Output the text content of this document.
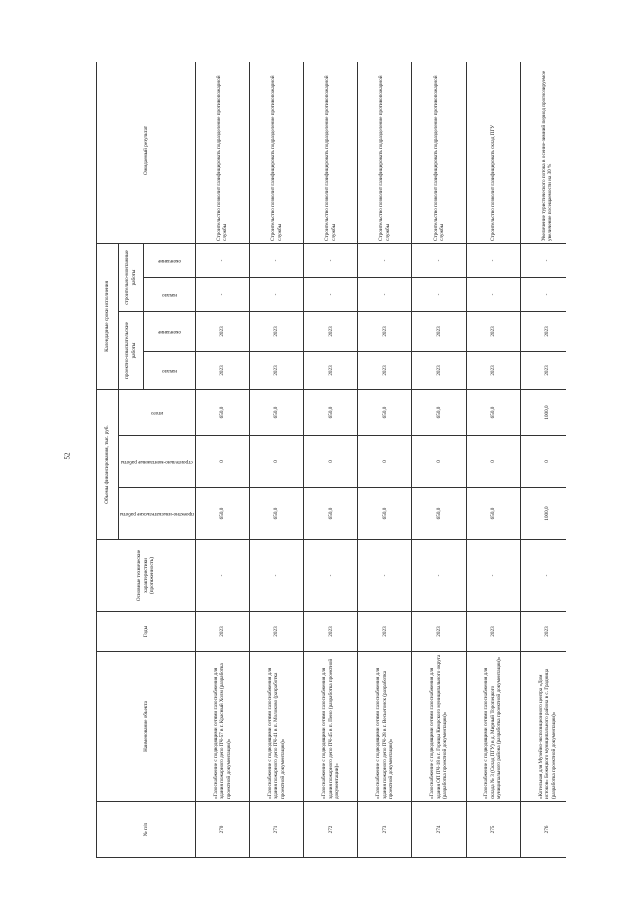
52
№ п/п	Наименование объекта	Годы	Основные технические характеристики (протяженность)	Объемы финансирования, тыс. руб.			Календарные сроки исполнения				Ожидаемый результат

				проектно-изыскательские работы	строительно-монтажные работы	итого	проектно-изыскательские работы		строительно-монтажные работы		

							начало	окончание	начало	окончание	

270	«Газоснабжение с подводящими сетями газоснабжения для здания пожарного депо ПЧ-57 в г. Красный Холм (разработка проектной документации)»	2023	-	650,0	0	650,0	2023	2023	-	-	Строительство позволит газифицировать подразделение противопожарной службы
271	«Газоснабжение с подводящими сетями газоснабжения для здания пожарного депо ПЧ-41 в п. Молоково (разработка проектной документации)»	2023	-	650,0	0	650,0	2023	2023	-	-	Строительство позволит газифицировать подразделение противопожарной службы
272	«Газоснабжение с подводящими сетями газоснабжения для здания пожарного депо ПЧ-45 в п. Пено (разработка проектной документации)»	2023	-	650,0	0	650,0	2023	2023	-	-	Строительство позволит газифицировать подразделение противопожарной службы
273	«Газоснабжение с подводящими сетями газоснабжения для здания пожарного депо ПЧ-28 в г. Весьегонск (разработка проектной документации)»	2023	-	650,0	0	650,0	2023	2023	-	-	Строительство позволит газифицировать подразделение противопожарной службы
274	«Газоснабжение с подводящими сетями газоснабжения для здания ОП ПЧ-18 в г. Горицы Кимрского муниципального округа (разработка проектной документации)»	2023	-	650,0	0	650,0	2023	2023	-	-	Строительство позволит газифицировать подразделение противопожарной службы
275	«Газоснабжение с подводящими сетями газоснабжения для склада № 3 (Склад ПГУ) в д. Мирный Торопецкого муниципального района (разработка проектной документации)»	2023	-	650,0	0	650,0	2023	2023	-	-	Строительство позволит газифицировать склад ПГУ
276	«Котельная для Музейно-экспозиционного центра «Дом истоков» Бежецкого муниципального района в с. Градница (разработка проектной документации)»	2023	-	1000,0	0	1000,0	2023	2023	-	-	Увеличение туристического потока в осенне-зимний период прогнозируемое увеличение посещаемости на 30 %
